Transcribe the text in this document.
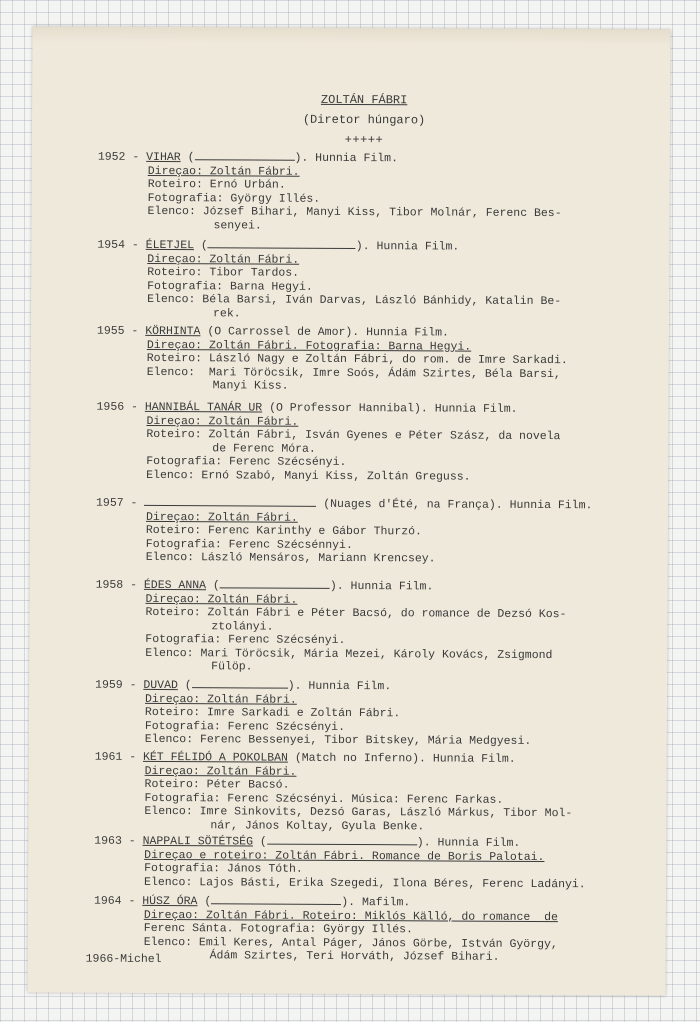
ZOLTÁN FÁBRI
(Diretor húngaro)
+++++
1952 - VIHAR (	). Hunnia Film.
Direçao: Zoltán Fábri.
Roteiro: Ernó Urbán.
Fotografia: György Illés.
Elenco: József Bihari, Manyi Kiss, Tibor Molnár, Ferenc Bes-
senyei.
1954 - ÉLETJEL (	). Hunnia Film.
Direçao: Zoltán Fábri.
Roteiro: Tibor Tardos.
Fotografia: Barna Hegyi.
Elenco: Béla Barsi, Iván Darvas, László Bánhidy, Katalin Be-
rek.
1955 - KÖRHINTA (O Carrossel de Amor). Hunnia Film.
Direçao: Zoltán Fábri. Fotografia: Barna Hegyi.
Roteiro: László Nagy e Zoltán Fábri, do rom. de Imre Sarkadi.
Elenco:  Mari Töröcsik, Imre Soós, Ádám Szirtes, Béla Barsi,
Manyi Kiss.
1956 - HANNIBÁL TANÁR UR (O Professor Hannibal). Hunnia Film.
Direçao: Zoltán Fábri.
Roteiro: Zoltán Fábri, Isván Gyenes e Péter Szász, da novela
de Ferenc Móra.
Fotografia: Ferenc Szécsényi.
Elenco: Ernó Szabó, Manyi Kiss, Zoltán Greguss.
1957 -	(Nuages d'Été, na França). Hunnia Film.
Direçao: Zoltán Fábri.
Roteiro: Ferenc Karinthy e Gábor Thurzó.
Fotografia: Ferenc Szécsénnyi.
Elenco: László Mensáros, Mariann Krencsey.
1958 - ÉDES ANNA (	). Hunnia Film.
Direçao: Zoltán Fábri.
Roteiro: Zoltán Fábri e Péter Bacsó, do romance de Dezsó Kos-
ztolányi.
Fotografia: Ferenc Szécsényi.
Elenco: Mari Töröcsik, Mária Mezei, Károly Kovács, Zsigmond
Fülöp.
1959 - DUVAD (	). Hunnia Film.
Direçao: Zoltán Fábri.
Roteiro: Imre Sarkadi e Zoltán Fábri.
Fotografia: Ferenc Szécsényi.
Elenco: Ferenc Bessenyei, Tibor Bitskey, Mária Medgyesi.
1961 - KÉT FÉLIDÓ A POKOLBAN (Match no Inferno). Hunnia Film.
Direçao: Zoltán Fábri.
Roteiro: Péter Bacsó.
Fotografia: Ferenc Szécsényi. Música: Ferenc Farkas.
Elenco: Imre Sinkovits, Dezsó Garas, László Márkus, Tibor Mol-
nár, János Koltay, Gyula Benke.
1963 - NAPPALI SÖTÉTSÉG (	). Hunnia Film.
Direçao e roteiro: Zoltán Fábri. Romance de Boris Palotai.
Fotografia: János Tóth.
Elenco: Lajos Básti, Erika Szegedi, Ilona Béres, Ferenc Ladányi.
1964 - HÚSZ ÓRA (	). Mafilm.
Direçao: Zoltán Fábri. Roteiro: Miklós Källó, do romance  de
Ferenc Sánta. Fotografia: György Illés.
Elenco: Emil Keres, Antal Páger, János Görbe, István György,
Ádám Szirtes, Teri Horváth, József Bihari.
1966-Michel
